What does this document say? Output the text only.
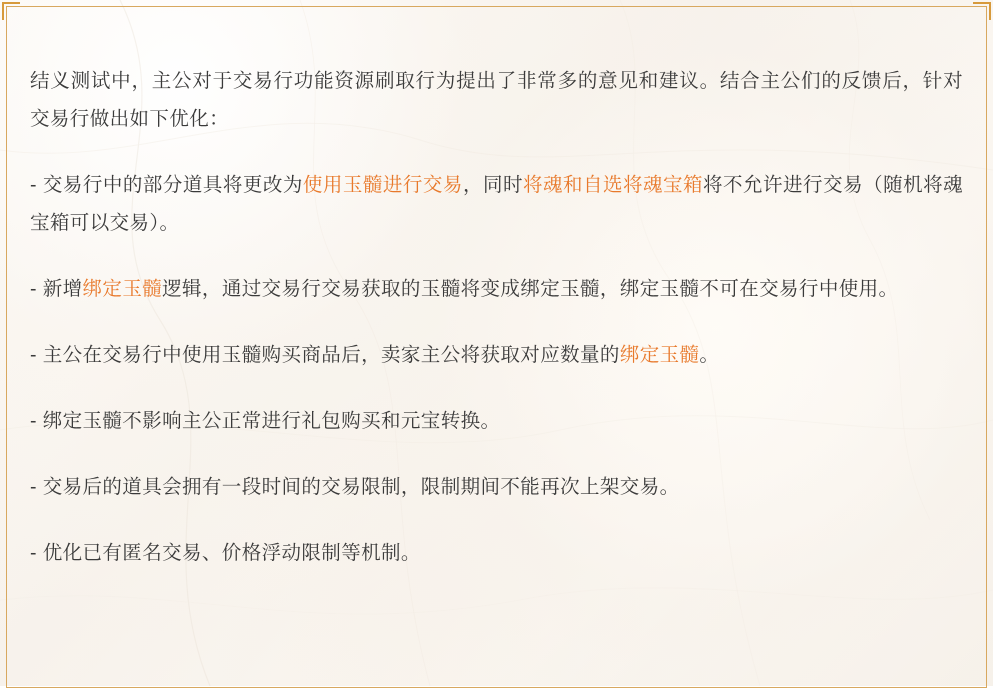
结义测试中，主公对于交易行功能资源刷取行为提出了非常多的意见和建议。结合主公们的反馈后，针对交易行做出如下优化：

- 交易行中的部分道具将更改为使用玉髓进行交易，同时将魂和自选将魂宝箱将不允许进行交易（随机将魂宝箱可以交易）。

- 新增绑定玉髓逻辑，通过交易行交易获取的玉髓将变成绑定玉髓，绑定玉髓不可在交易行中使用。

- 主公在交易行中使用玉髓购买商品后，卖家主公将获取对应数量的绑定玉髓。

- 绑定玉髓不影响主公正常进行礼包购买和元宝转换。

- 交易后的道具会拥有一段时间的交易限制，限制期间不能再次上架交易。

- 优化已有匿名交易、价格浮动限制等机制。
